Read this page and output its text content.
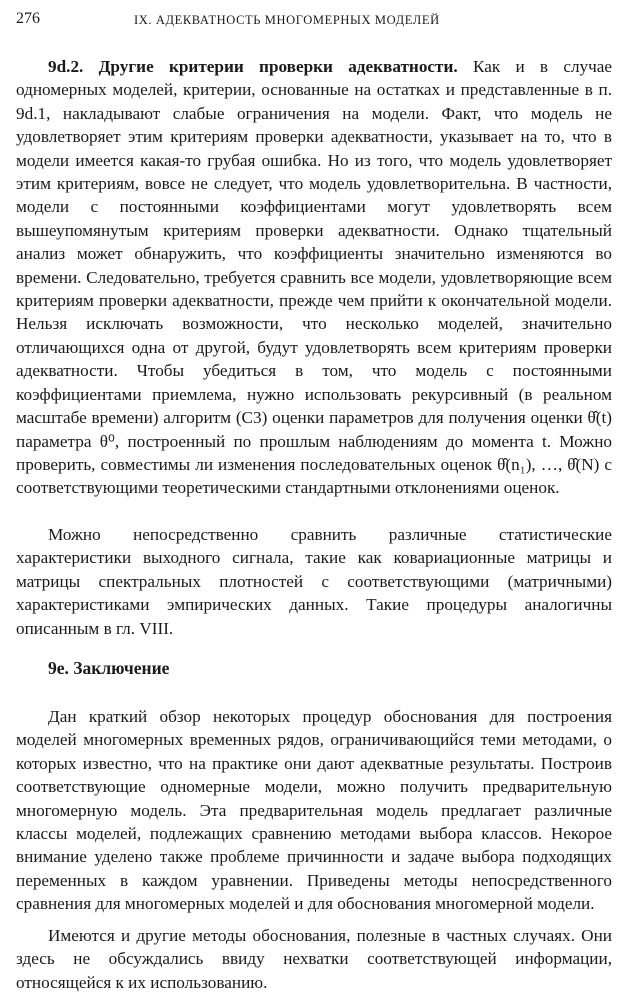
276	IX. АДЕКВАТНОСТЬ МНОГОМЕРНЫХ МОДЕЛЕЙ

9d.2. Другие критерии проверки адекватности. Как и в случае одномерных моделей, критерии, основанные на остатках и представленные в п. 9d.1, накладывают слабые ограничения на модели. Факт, что модель не удовлетворяет этим критериям проверки адекватности, указывает на то, что в модели имеется какая-то грубая ошибка. Но из того, что модель удовлетворяет этим критериям, вовсе не следует, что модель удовлетворительна. В частности, модели с постоянными коэффициентами могут удовлетворять всем вышеупомянутым критериям проверки адекватности. Однако тщательный анализ может обнаружить, что коэффициенты значительно изменяются во времени. Следовательно, требуется сравнить все модели, удовлетворяющие всем критериям проверки адекватности, прежде чем прийти к окончательной модели. Нельзя исключать возможности, что несколько моделей, значительно отличающихся одна от другой, будут удовлетворять всем критериям проверки адекватности. Чтобы убедиться в том, что модель с постоянными коэффициентами приемлема, нужно использовать рекурсивный (в реальном масштабе времени) алгоритм (С3) оценки параметров для получения оценки θ̂(t) параметра θ⁰, построенный по прошлым наблюдениям до момента t. Можно проверить, совместимы ли изменения последовательных оценок θ̂(n₁), …, θ̂(N) с соответствующими теоретическими стандартными отклонениями оценок.

Можно непосредственно сравнить различные статистические характеристики выходного сигнала, такие как ковариационные матрицы и матрицы спектральных плотностей с соответствующими (матричными) характеристиками эмпирических данных. Такие процедуры аналогичны описанным в гл. VIII.

9е. Заключение

Дан краткий обзор некоторых процедур обоснования для построения моделей многомерных временных рядов, ограничивающийся теми методами, о которых известно, что на практике они дают адекватные результаты. Построив соответствующие одномерные модели, можно получить предварительную многомерную модель. Эта предварительная модель предлагает различные классы моделей, подлежащих сравнению методами выбора классов. Некорое внимание уделено также проблеме причинности и задаче выбора подходящих переменных в каждом уравнении. Приведены методы непосредственного сравнения для многомерных моделей и для обоснования многомерной модели.

Имеются и другие методы обоснования, полезные в частных случаях. Они здесь не обсуждались ввиду нехватки соответствующей информации, относящейся к их использованию.
